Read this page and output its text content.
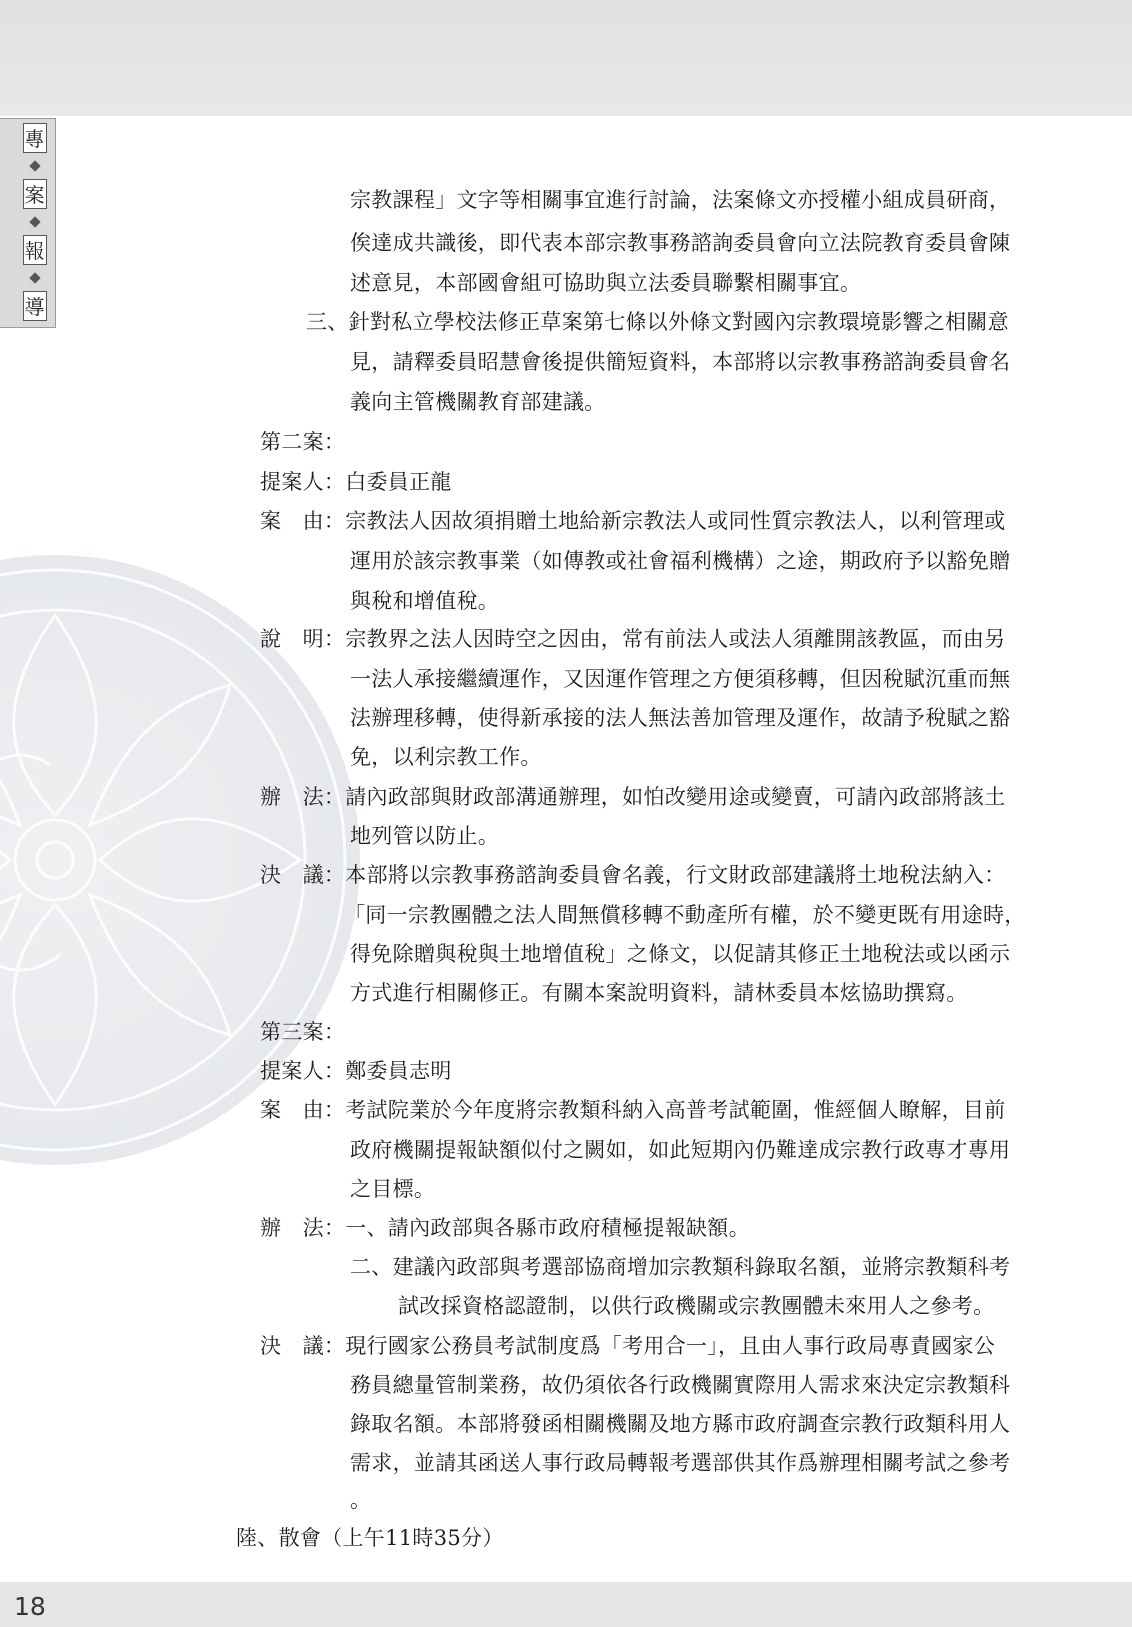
專
案
報
導
宗教課程」文字等相關事宜進行討論，法案條文亦授權小組成員研商，
俟達成共識後，即代表本部宗教事務諮詢委員會向立法院教育委員會陳
述意見，本部國會組可協助與立法委員聯繫相關事宜。
三、針對私立學校法修正草案第七條以外條文對國內宗教環境影響之相關意
見，請釋委員昭慧會後提供簡短資料，本部將以宗教事務諮詢委員會名
義向主管機關教育部建議。
第二案：
提案人：白委員正龍
案　由：宗教法人因故須捐贈土地給新宗教法人或同性質宗教法人，以利管理或
運用於該宗教事業（如傳教或社會福利機構）之途，期政府予以豁免贈
與稅和增值稅。
說　明：宗教界之法人因時空之因由，常有前法人或法人須離開該教區，而由另
一法人承接繼續運作，又因運作管理之方便須移轉，但因稅賦沉重而無
法辦理移轉，使得新承接的法人無法善加管理及運作，故請予稅賦之豁
免，以利宗教工作。
辦　法：請內政部與財政部溝通辦理，如怕改變用途或變賣，可請內政部將該土
地列管以防止。
決　議：本部將以宗教事務諮詢委員會名義，行文財政部建議將土地稅法納入：
「同一宗教團體之法人間無償移轉不動產所有權，於不變更既有用途時，
得免除贈與稅與土地增值稅」之條文，以促請其修正土地稅法或以函示
方式進行相關修正。有關本案說明資料，請林委員本炫協助撰寫。
第三案：
提案人：鄭委員志明
案　由：考試院業於今年度將宗教類科納入高普考試範圍，惟經個人瞭解，目前
政府機關提報缺額似付之闕如，如此短期內仍難達成宗教行政專才專用
之目標。
辦　法：一、請內政部與各縣市政府積極提報缺額。
二、建議內政部與考選部協商增加宗教類科錄取名額，並將宗教類科考
試改採資格認證制，以供行政機關或宗教團體未來用人之參考。
決　議：現行國家公務員考試制度爲「考用合一」，且由人事行政局專責國家公
務員總量管制業務，故仍須依各行政機關實際用人需求來決定宗教類科
錄取名額。本部將發函相關機關及地方縣市政府調查宗教行政類科用人
需求，並請其函送人事行政局轉報考選部供其作爲辦理相關考試之參考
。
陸、散會（上午11時35分）
18
